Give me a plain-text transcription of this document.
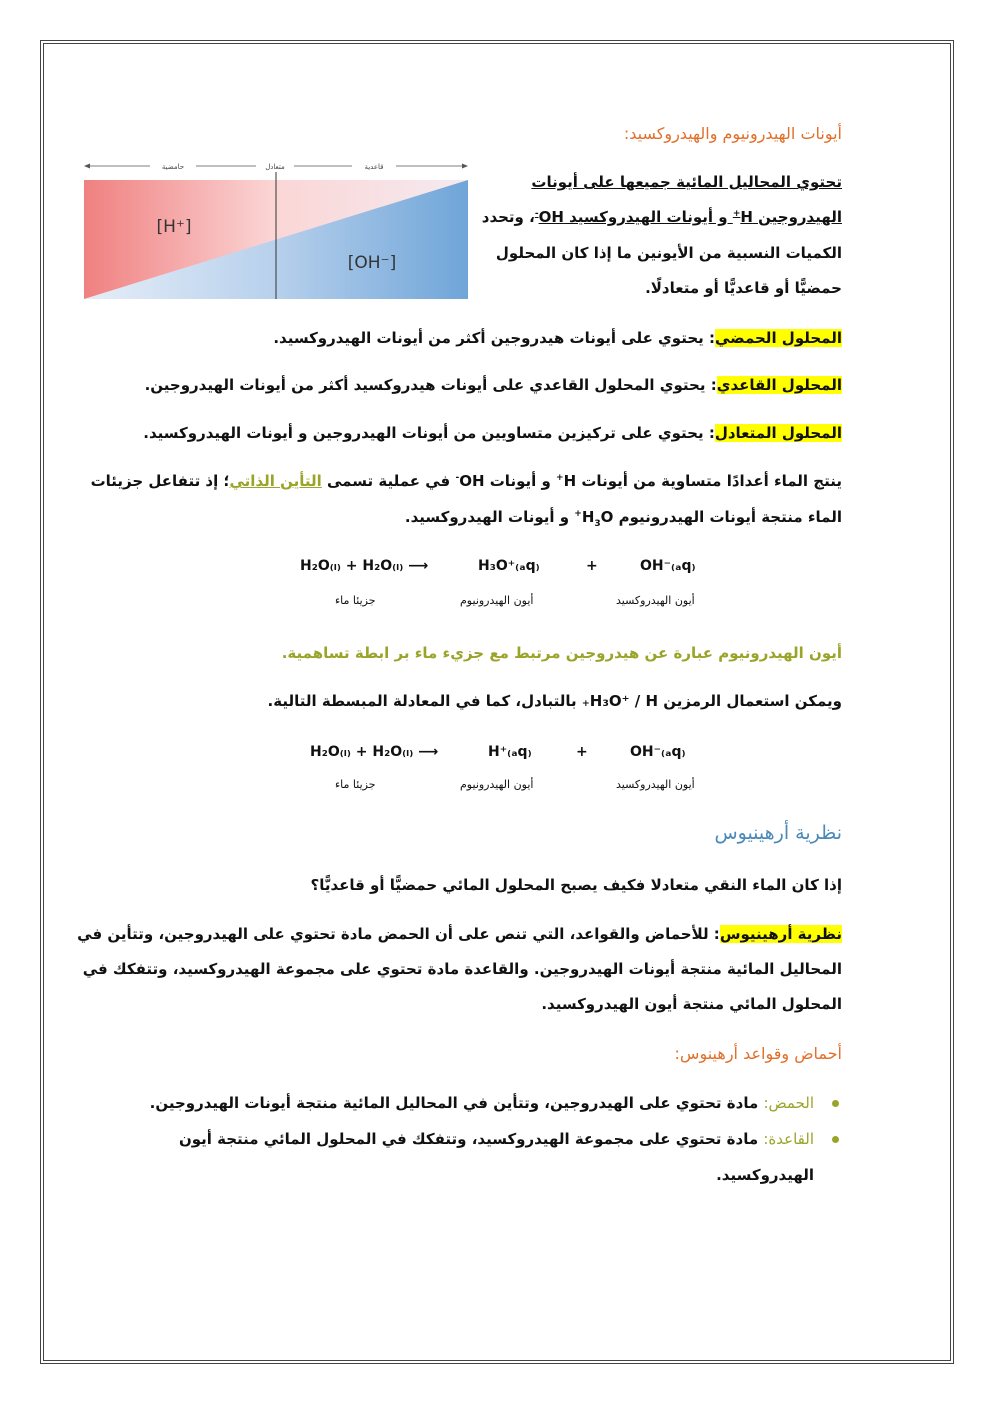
أيونات الهيدرونيوم والهيدروكسيد:
حامضية	متعادل	قاعدية
[H⁺]
[OH⁻]
تحتوي المحاليل المائية جميعها على أيونات
الهيدروجين H+ و أيونات الهيدروكسيد OH-، وتحدد
الكميات النسبية من الأيونين ما إذا كان المحلول
حمضيًّا أو قاعديًّا أو متعادلًا.
المحلول الحمضي: يحتوي على أيونات هيدروجين أكثر من أيونات الهيدروكسيد.
المحلول القاعدي: يحتوي المحلول القاعدي على أيونات هيدروكسيد أكثر من أيونات الهيدروجين.
المحلول المتعادل: يحتوي على تركيزين متساويين من أيونات الهيدروجين و أيونات الهيدروكسيد.
ينتج الماء أعدادًا متساوية من أيونات H+ و أيونات OH- في عملية تسمى التأين الذاتي؛ إذ تتفاعل جزيئات
الماء منتجة أيونات الهيدرونيوم $H_3O^+$ و أيونات الهيدروكسيد.
H₂O₍ₗ₎ + H₂O₍ₗ₎ ⟶	H₃O⁺₍ₐq₎	+	OH⁻₍ₐq₎
جزيئا ماء	أيون الهيدرونيوم	أيون الهيدروكسيد
أيون الهيدرونيوم عبارة عن هيدروجين مرتبط مع جزيء ماء بر ابطة تساهمية.
ويمكن استعمال الرمزين H₃O⁺ / H₊ بالتبادل، كما في المعادلة المبسطة التالية.
H₂O₍ₗ₎ + H₂O₍ₗ₎ ⟶	H⁺₍ₐq₎	+	OH⁻₍ₐq₎
جزيئا ماء	أيون الهيدرونيوم	أيون الهيدروكسيد
نظرية أرهينيوس
إذا كان الماء النقي متعادلا فكيف يصبح المحلول المائي حمضيًّا أو قاعديًّا؟
نظرية أرهينيوس: للأحماض والقواعد، التي تنص على أن الحمض مادة تحتوي على الهيدروجين، وتتأين في
المحاليل المائية منتجة أيونات الهيدروجين. والقاعدة مادة تحتوي على مجموعة الهيدروكسيد، وتتفكك في
المحلول المائي منتجة أيون الهيدروكسيد.
أحماض وقواعد أرهينوس:
الحمض: مادة تحتوي على الهيدروجين، وتتأين في المحاليل المائية منتجة أيونات الهيدروجين.
القاعدة: مادة تحتوي على مجموعة الهيدروكسيد، وتتفكك في المحلول المائي منتجة أيون
الهيدروكسيد.
